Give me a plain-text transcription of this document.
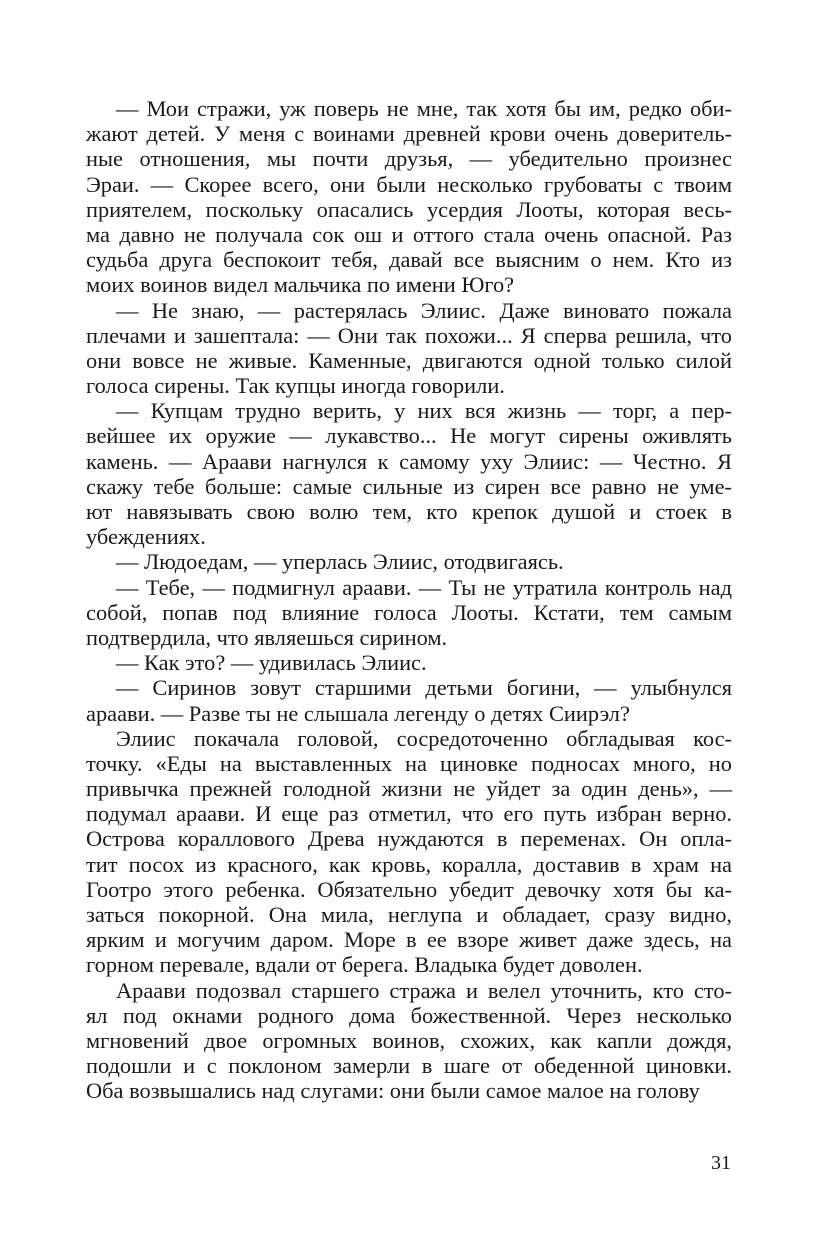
— Мои стражи, уж поверь не мне, так хотя бы им, редко оби-
жают детей. У меня с воинами древней крови очень доверитель-
ные отношения, мы почти друзья, — убедительно произнес
Эраи. — Скорее всего, они были несколько грубоваты с твоим
приятелем, поскольку опасались усердия Лооты, которая весь-
ма давно не получала сок ош и оттого стала очень опасной. Раз
судьба друга беспокоит тебя, давай все выясним о нем. Кто из
моих воинов видел мальчика по имени Юго?
— Не знаю, — растерялась Элиис. Даже виновато пожала
плечами и зашептала: — Они так похожи... Я сперва решила, что
они вовсе не живые. Каменные, двигаются одной только силой
голоса сирены. Так купцы иногда говорили.
— Купцам трудно верить, у них вся жизнь — торг, а пер-
вейшее их оружие — лукавство... Не могут сирены оживлять
камень. — Араави нагнулся к самому уху Элиис: — Честно. Я
скажу тебе больше: самые сильные из сирен все равно не уме-
ют навязывать свою волю тем, кто крепок душой и стоек в
убеждениях.
— Людоедам, — уперлась Элиис, отодвигаясь.
— Тебе, — подмигнул арaави. — Ты не утратила контроль над
собой, попав под влияние голоса Лооты. Кстати, тем самым
подтвердила, что являешься сирином.
— Как это? — удивилась Элиис.
— Сиринов зовут старшими детьми богини, — улыбнулся
арaави. — Разве ты не слышала легенду о детях Сиирэл?
Элиис покачала головой, сосредоточенно обгладывая кос-
точку. «Еды на выставленных на циновке подносах много, но
привычка прежней голодной жизни не уйдет за один день», —
подумал арaави. И еще раз отметил, что его путь избран верно.
Острова кораллового Древа нуждаются в переменах. Он опла-
тит посох из красного, как кровь, коралла, доставив в храм на
Гоотро этого ребенка. Обязательно убедит девочку хотя бы ка-
заться покорной. Она мила, неглупа и обладает, сразу видно,
ярким и могучим даром. Море в ее взоре живет даже здесь, на
горном перевале, вдали от берега. Владыка будет доволен.
Араави подозвал старшего стража и велел уточнить, кто сто-
ял под окнами родного дома божественной. Через несколько
мгновений двое огромных воинов, схожих, как капли дождя,
подошли и с поклоном замерли в шаге от обеденной циновки.
Оба возвышались над слугами: они были самое малое на голову
31
